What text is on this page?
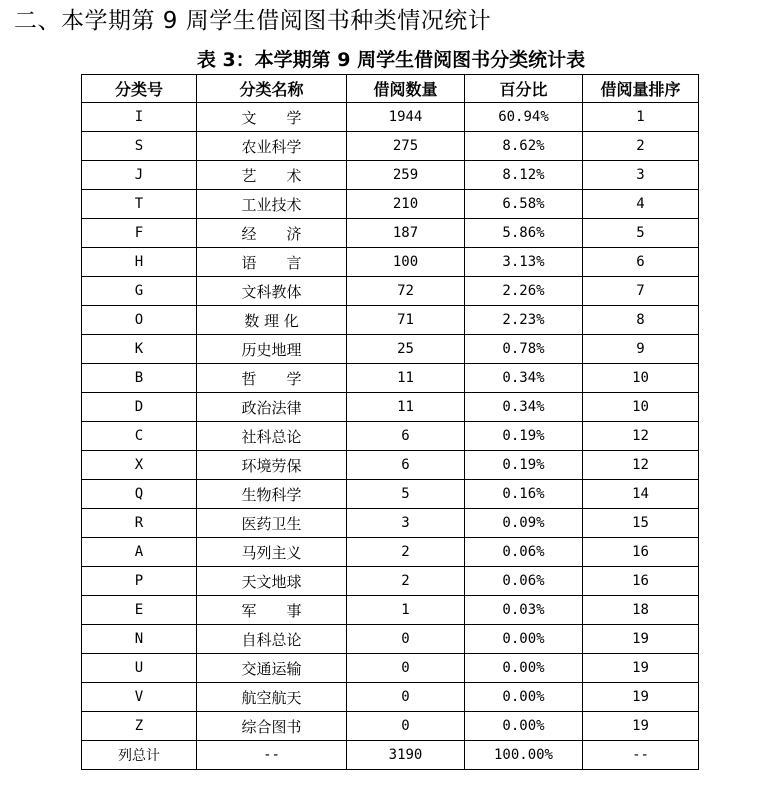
二、本学期第 9 周学生借阅图书种类情况统计
表 3：本学期第 9 周学生借阅图书分类统计表
分类号	分类名称	借阅数量	百分比	借阅量排序
I	文　　学	1944	60.94%	1
S	农业科学	275	8.62%	2
J	艺　　术	259	8.12%	3
T	工业技术	210	6.58%	4
F	经　　济	187	5.86%	5
H	语　　言	100	3.13%	6
G	文科教体	72	2.26%	7
O	数 理 化	71	2.23%	8
K	历史地理	25	0.78%	9
B	哲　　学	11	0.34%	10
D	政治法律	11	0.34%	10
C	社科总论	6	0.19%	12
X	环境劳保	6	0.19%	12
Q	生物科学	5	0.16%	14
R	医药卫生	3	0.09%	15
A	马列主义	2	0.06%	16
P	天文地球	2	0.06%	16
E	军　　事	1	0.03%	18
N	自科总论	0	0.00%	19
U	交通运输	0	0.00%	19
V	航空航天	0	0.00%	19
Z	综合图书	0	0.00%	19
列总计	--	3190	100.00%	--
